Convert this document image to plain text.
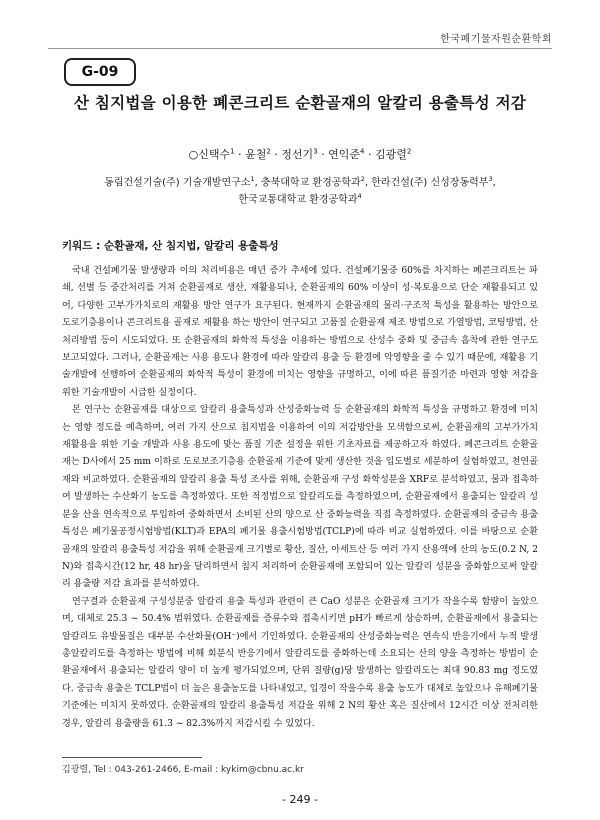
한국폐기물자원순환학회
G-09
산 침지법을 이용한 폐콘크리트 순환골재의 알칼리 용출특성 저감
○신택수$^1$ · 윤철$^2$ · 정선기$^3$ · 연익준$^4$ · 김광렬$^2$
동림건설기술(주) 기술개발연구소$^1$, 충북대학교 환경공학과$^2$, 한라건설(주) 신성장동력부$^3$,
한국교통대학교 환경공학과$^4$
키워드 : 순환골재, 산 침지법, 알칼리 용출특성

국내 건설폐기물 발생량과 이의 처리비용은 매년 증가 추세에 있다. 건설폐기물중 60%를 차지하는 폐콘크리트는 파쇄, 선별 등 중간처리를 거쳐 순환골재로 생산, 재활용되나, 순환골재의 60% 이상이 성·복토용으로 단순 재활용되고 있어, 다양한 고부가가치로의 재활용 방안 연구가 요구된다. 현재까지 순환골재의 물리·구조적 특성을 활용하는 방안으로 도로기층용이나 콘크리트용 골재로 재활용 하는 방안이 연구되고 고품질 순환골재 제조 방법으로 가열방법, 코팅방법, 산처리방법 등이 시도되었다. 또 순환골재의 화학적 특성을 이용하는 방법으로 산성수 중화 및 중금속 흡착에 관한 연구도 보고되었다. 그러나, 순환골재는 사용 용도나 환경에 따라 알칼리 용출 등 환경에 악영향을 줄 수 있기 때문에, 재활용 기술개발에 선행하여 순환골재의 화학적 특성이 환경에 미치는 영향을 규명하고, 이에 따른 품질기준 마련과 영향 저감을 위한 기술개발이 시급한 실정이다.

본 연구는 순환골재를 대상으로 알칼리 용출특성과 산성중화능력 등 순환골재의 화학적 특성을 규명하고 환경에 미치는 영향 정도를 예측하며, 여러 가지 산으로 침지법을 이용하여 이의 저감방안을 모색함으로써, 순환골재의 고부가가치 재활용을 위한 기술 개발과 사용 용도에 맞는 품질 기준 설정을 위한 기초자료를 제공하고자 하였다. 폐콘크리트 순환골재는 D사에서 25 mm 이하로 도로보조기층용 순환골재 기준에 맞게 생산한 것을 입도별로 세분하여 실험하였고, 천연골재와 비교하였다. 순환골재의 알칼리 용출 특성 조사를 위해, 순환골재 구성 화학성분을 XRF로 분석하였고, 물과 접촉하여 발생하는 수산화기 농도를 측정하였다. 또한 적정법으로 알칼리도를 측정하였으며, 순환골재에서 용출되는 알칼리 성분을 산을 연속적으로 투입하여 중화하면서 소비된 산의 양으로 산 중화능력을 직접 측정하였다. 순환골재의 중금속 용출특성은 폐기물공정시험방법(KLT)과 EPA의 폐기물 용출시험방법(TCLP)에 따라 비교 실험하였다. 이를 바탕으로 순환골재의 알칼리 용출특성 저감을 위해 순환골재 크기별로 황산, 질산, 아세트산 등 여러 가지 산용액에 산의 농도(0.2 N, 2 N)와 접촉시간(12 hr, 48 hr)을 달리하면서 침지 처리하여 순환골재에 포함되어 있는 알칼리 성분을 중화함으로써 알칼리 용출량 저감 효과를 분석하였다.

연구결과 순환골재 구성성분중 알칼리 용출 특성과 관련이 큰 CaO 성분은 순환골재 크기가 작을수록 함량이 높았으며, 대체로 25.3 ~ 50.4% 범위였다. 순환골재를 증류수와 접촉시키면 pH가 빠르게 상승하며, 순환골재에서 용출되는 알칼리도 유발물질은 대부분 수산화물(OH⁻)에서 기인하였다. 순환골재의 산성중화능력은 연속식 반응기에서 누적 발생 총알칼리도를 측정하는 방법에 비해 회분식 반응기에서 알칼리도를 중화하는데 소요되는 산의 양을 측정하는 방법이 순환골재에서 용출되는 알칼리 양이 더 높게 평가되었으며, 단위 질량(g)당 발생하는 알칼리도는 최대 90.83 mg 정도였다. 중금속 용출은 TCLP법이 더 높은 용출농도를 나타내었고, 입경이 작을수록 용출 농도가 대체로 높았으나 유해폐기물 기준에는 미치지 못하였다. 순환골재의 알칼리 용출특성 저감을 위해 2 N의 황산 혹은 질산에서 12시간 이상 전처리한 경우, 알칼리 용출량을 61.3 ~ 82.3%까지 저감시킬 수 있었다.

김광렬, Tel : 043-261-2466, E-mail : kykim@cbnu.ac.kr
- 249 -
